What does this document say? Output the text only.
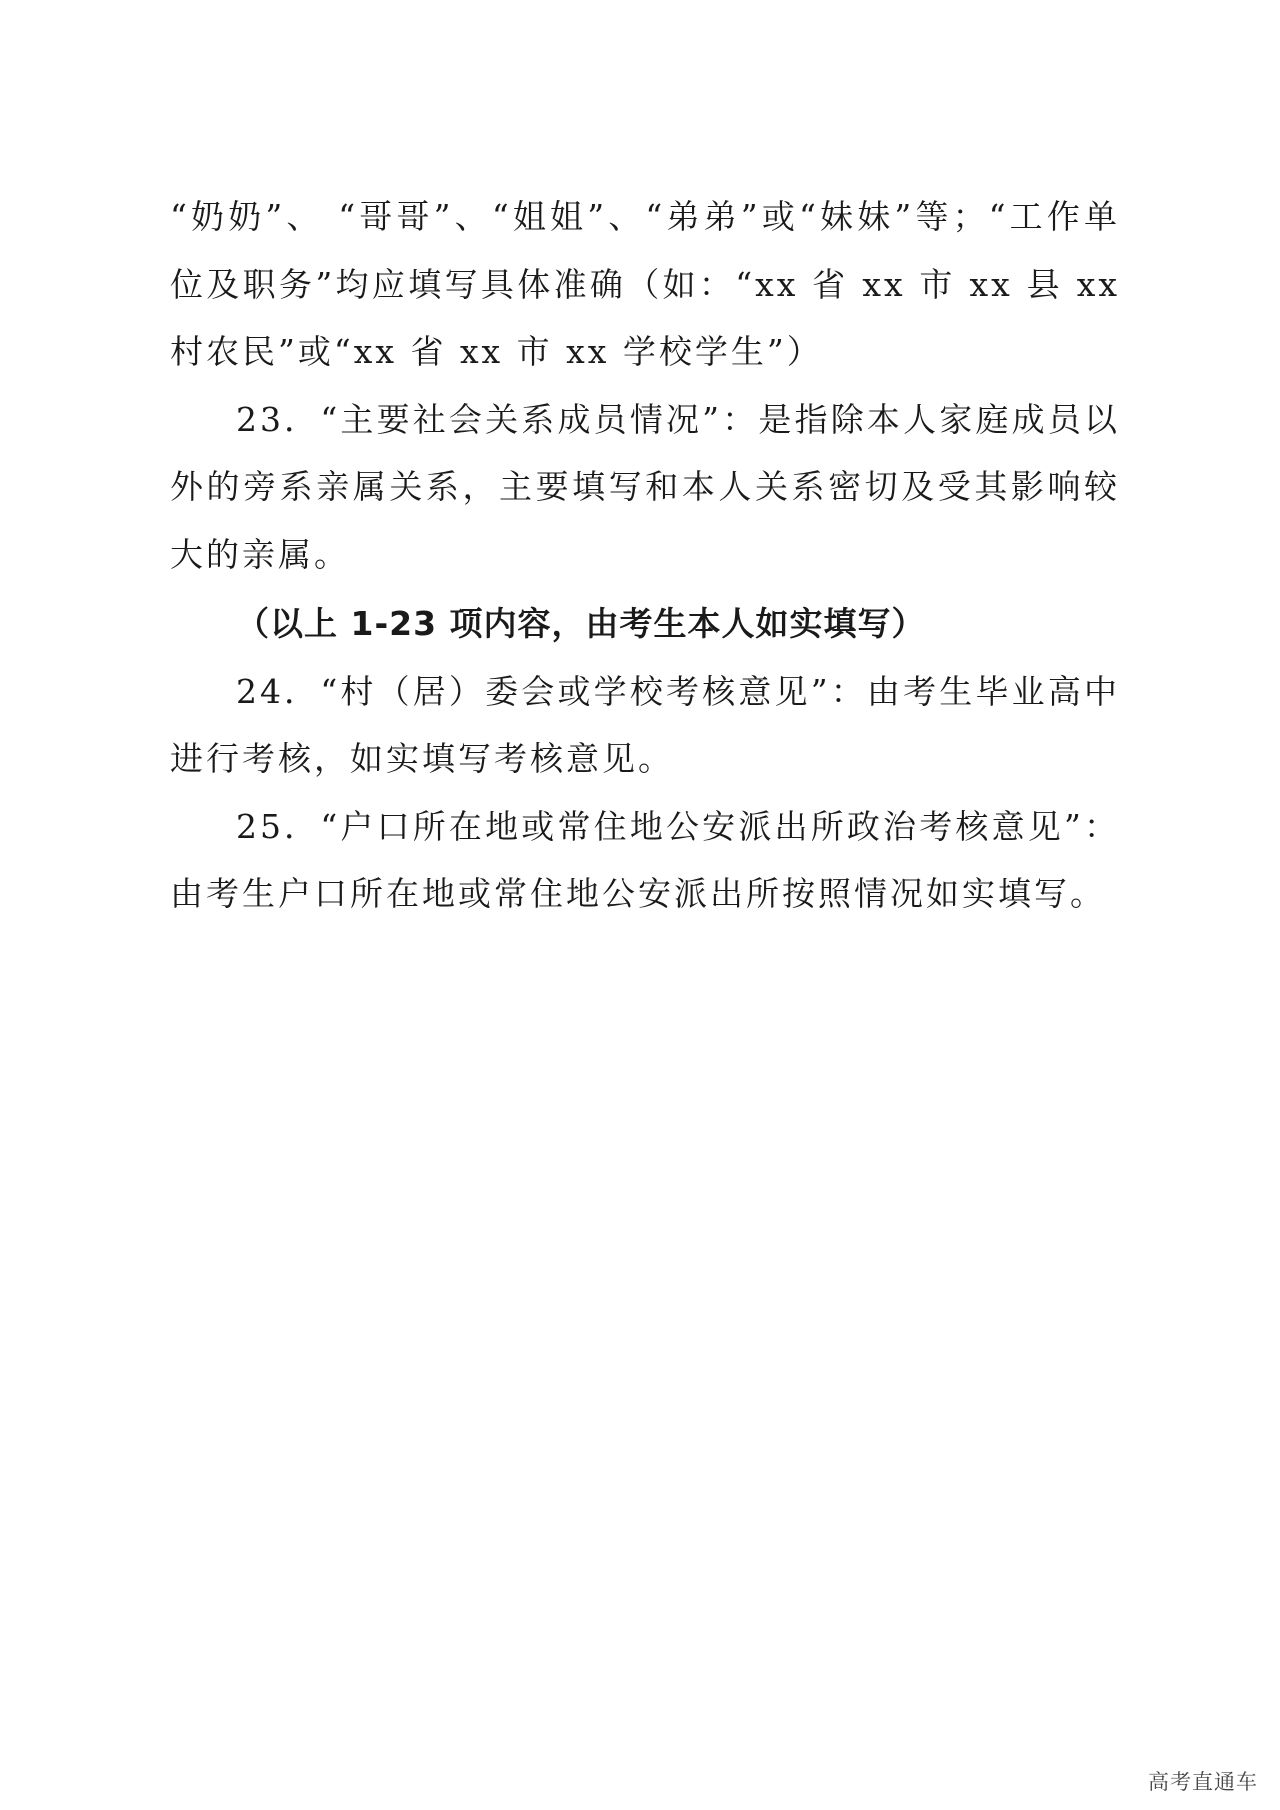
“奶奶”、 “哥哥”、“姐姐”、“弟弟”或“妹妹”等；“工作单位及职务”均应填写具体准确（如：“xx 省 xx 市 xx 县 xx 村农民”或“xx 省 xx 市 xx 学校学生”）

23．“主要社会关系成员情况”：是指除本人家庭成员以外的旁系亲属关系，主要填写和本人关系密切及受其影响较大的亲属。

（以上 1-23 项内容，由考生本人如实填写）

24．“村（居）委会或学校考核意见”：由考生毕业高中进行考核，如实填写考核意见。

25．“户口所在地或常住地公安派出所政治考核意见”：由考生户口所在地或常住地公安派出所按照情况如实填写。

高考直通车
